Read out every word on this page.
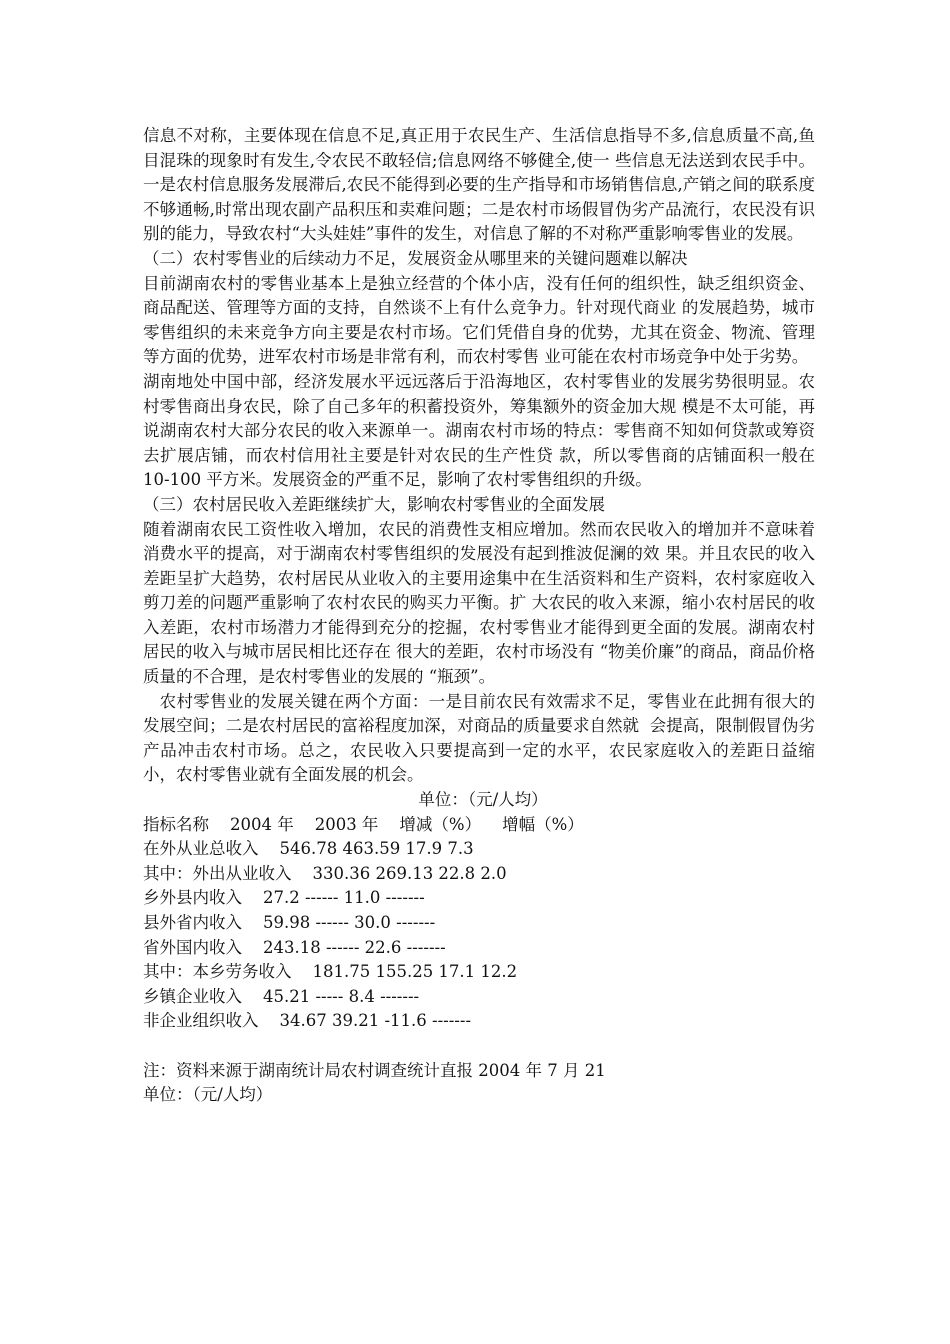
信息不对称，主要体现在信息不足,真正用于农民生产、生活信息指导不多,信息质量不高,鱼目混珠的现象时有发生,令农民不敢轻信;信息网络不够健全,使一 些信息无法送到农民手中。一是农村信息服务发展滞后,农民不能得到必要的生产指导和市场销售信息,产销之间的联系度不够通畅,时常出现农副产品积压和卖难问题；二是农村市场假冒伪劣产品流行，农民没有识别的能力，导致农村“大头娃娃”事件的发生，对信息了解的不对称严重影响零售业的发展。

（二）农村零售业的后续动力不足，发展资金从哪里来的关键问题难以解决

目前湖南农村的零售业基本上是独立经营的个体小店，没有任何的组织性，缺乏组织资金、商品配送、管理等方面的支持，自然谈不上有什么竞争力。针对现代商业 的发展趋势，城市零售组织的未来竞争方向主要是农村市场。它们凭借自身的优势，尤其在资金、物流、管理等方面的优势，进军农村市场是非常有利，而农村零售 业可能在农村市场竞争中处于劣势。

湖南地处中国中部，经济发展水平远远落后于沿海地区，农村零售业的发展劣势很明显。农村零售商出身农民，除了自己多年的积蓄投资外，筹集额外的资金加大规 模是不太可能，再说湖南农村大部分农民的收入来源单一。湖南农村市场的特点：零售商不知如何贷款或筹资去扩展店铺，而农村信用社主要是针对农民的生产性贷 款，所以零售商的店铺面积一般在 10-100 平方米。发展资金的严重不足，影响了农村零售组织的升级。

（三）农村居民收入差距继续扩大，影响农村零售业的全面发展

随着湖南农民工资性收入增加，农民的消费性支相应增加。然而农民收入的增加并不意味着消费水平的提高，对于湖南农村零售组织的发展没有起到推波促澜的效 果。并且农民的收入差距呈扩大趋势，农村居民从业收入的主要用途集中在生活资料和生产资料，农村家庭收入剪刀差的问题严重影响了农村农民的购买力平衡。扩 大农民的收入来源，缩小农村居民的收入差距，农村市场潜力才能得到充分的挖掘，农村零售业才能得到更全面的发展。湖南农村居民的收入与城市居民相比还存在 很大的差距，农村市场没有 “物美价廉”的商品，商品价格质量的不合理，是农村零售业的发展的 “瓶颈”。

农村零售业的发展关键在两个方面：一是目前农民有效需求不足，零售业在此拥有很大的发展空间；二是农村居民的富裕程度加深，对商品的质量要求自然就  会提高，限制假冒伪劣产品冲击农村市场。总之，农民收入只要提高到一定的水平，农民家庭收入的差距日益缩小，农村零售业就有全面发展的机会。

单位：（元/人均）

指标名称    2004 年    2003 年    增减（%）    增幅（%）

在外从业总收入    546.78 463.59 17.9 7.3

其中：外出从业收入    330.36 269.13 22.8 2.0

乡外县内收入    27.2 ------ 11.0 -------

县外省内收入    59.98 ------ 30.0 -------

省外国内收入    243.18 ------ 22.6 -------

其中：本乡劳务收入    181.75 155.25 17.1 12.2

乡镇企业收入    45.21 ----- 8.4 -------

非企业组织收入    34.67 39.21 -11.6 -------

注：资料来源于湖南统计局农村调查统计直报 2004 年 7 月 21

单位：（元/人均）
